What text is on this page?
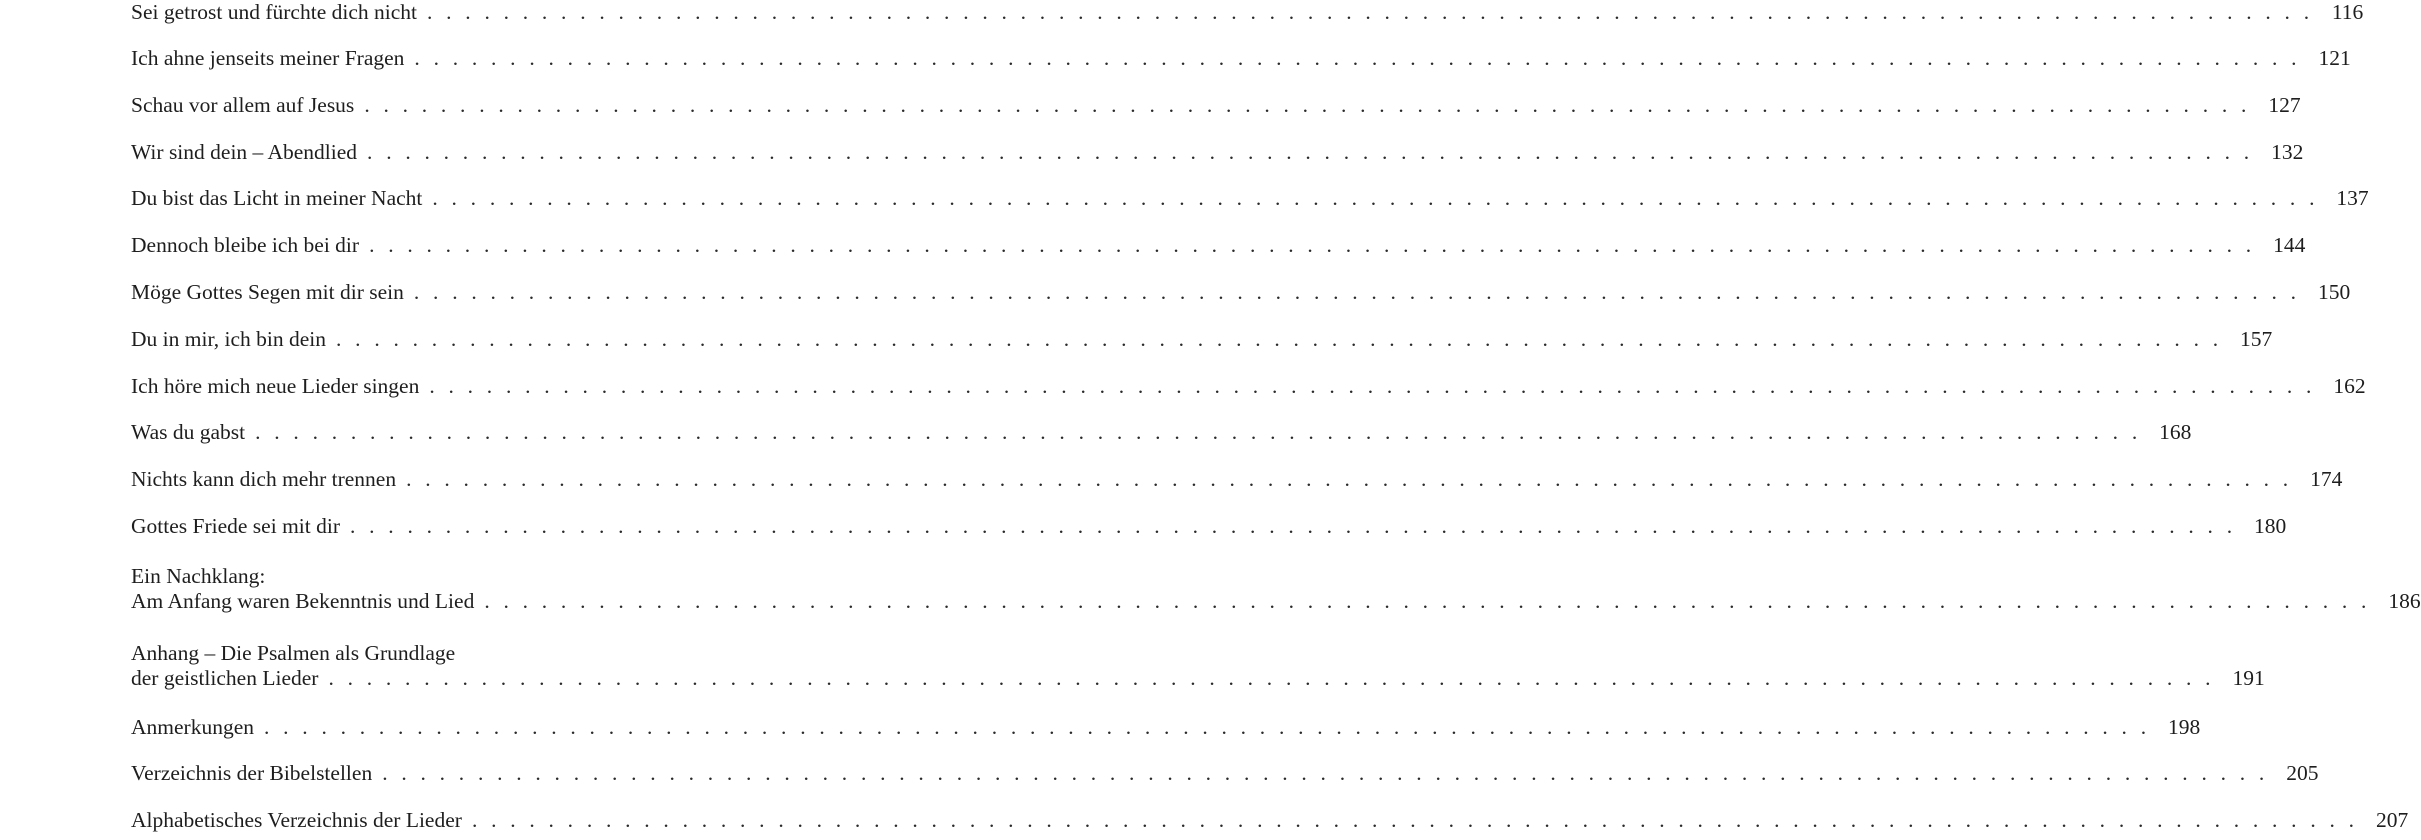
Sei getrost und fürchte dich nicht . . . . . . . . . . . . . . . . . . . . . . . . . . . . . . . . . . . . . . . . . . . . . . . . . . . . . . . . . . . . . . . . . . . . . . . . . . . . . . . . . . . . . . . . . . . . . . . . . . . 116
Ich ahne jenseits meiner Fragen . . . . . . . . . . . . . . . . . . . . . . . . . . . . . . . . . . . . . . . . . . . . . . . . . . . . . . . . . . . . . . . . . . . . . . . . . . . . . . . . . . . . . . . . . . . . . . . . . . . 121
Schau vor allem auf Jesus . . . . . . . . . . . . . . . . . . . . . . . . . . . . . . . . . . . . . . . . . . . . . . . . . . . . . . . . . . . . . . . . . . . . . . . . . . . . . . . . . . . . . . . . . . . . . . . . . . . 127
Wir sind dein – Abendlied . . . . . . . . . . . . . . . . . . . . . . . . . . . . . . . . . . . . . . . . . . . . . . . . . . . . . . . . . . . . . . . . . . . . . . . . . . . . . . . . . . . . . . . . . . . . . . . . . . . 132
Du bist das Licht in meiner Nacht . . . . . . . . . . . . . . . . . . . . . . . . . . . . . . . . . . . . . . . . . . . . . . . . . . . . . . . . . . . . . . . . . . . . . . . . . . . . . . . . . . . . . . . . . . . . . . . . . . . 137
Dennoch bleibe ich bei dir . . . . . . . . . . . . . . . . . . . . . . . . . . . . . . . . . . . . . . . . . . . . . . . . . . . . . . . . . . . . . . . . . . . . . . . . . . . . . . . . . . . . . . . . . . . . . . . . . . . 144
Möge Gottes Segen mit dir sein . . . . . . . . . . . . . . . . . . . . . . . . . . . . . . . . . . . . . . . . . . . . . . . . . . . . . . . . . . . . . . . . . . . . . . . . . . . . . . . . . . . . . . . . . . . . . . . . . . . 150
Du in mir, ich bin dein . . . . . . . . . . . . . . . . . . . . . . . . . . . . . . . . . . . . . . . . . . . . . . . . . . . . . . . . . . . . . . . . . . . . . . . . . . . . . . . . . . . . . . . . . . . . . . . . . . . 157
Ich höre mich neue Lieder singen . . . . . . . . . . . . . . . . . . . . . . . . . . . . . . . . . . . . . . . . . . . . . . . . . . . . . . . . . . . . . . . . . . . . . . . . . . . . . . . . . . . . . . . . . . . . . . . . . . . 162
Was du gabst . . . . . . . . . . . . . . . . . . . . . . . . . . . . . . . . . . . . . . . . . . . . . . . . . . . . . . . . . . . . . . . . . . . . . . . . . . . . . . . . . . . . . . . . . . . . . . . . . . . 168
Nichts kann dich mehr trennen . . . . . . . . . . . . . . . . . . . . . . . . . . . . . . . . . . . . . . . . . . . . . . . . . . . . . . . . . . . . . . . . . . . . . . . . . . . . . . . . . . . . . . . . . . . . . . . . . . . 174
Gottes Friede sei mit dir . . . . . . . . . . . . . . . . . . . . . . . . . . . . . . . . . . . . . . . . . . . . . . . . . . . . . . . . . . . . . . . . . . . . . . . . . . . . . . . . . . . . . . . . . . . . . . . . . . . 180
Ein Nachklang:
Am Anfang waren Bekenntnis und Lied . . . . . . . . . . . . . . . . . . . . . . . . . . . . . . . . . . . . . . . . . . . . . . . . . . . . . . . . . . . . . . . . . . . . . . . . . . . . . . . . . . . . . . . . . . . . . . . . . . . 186
Anhang – Die Psalmen als Grundlage
der geistlichen Lieder . . . . . . . . . . . . . . . . . . . . . . . . . . . . . . . . . . . . . . . . . . . . . . . . . . . . . . . . . . . . . . . . . . . . . . . . . . . . . . . . . . . . . . . . . . . . . . . . . . . 191
Anmerkungen . . . . . . . . . . . . . . . . . . . . . . . . . . . . . . . . . . . . . . . . . . . . . . . . . . . . . . . . . . . . . . . . . . . . . . . . . . . . . . . . . . . . . . . . . . . . . . . . . . . 198
Verzeichnis der Bibelstellen . . . . . . . . . . . . . . . . . . . . . . . . . . . . . . . . . . . . . . . . . . . . . . . . . . . . . . . . . . . . . . . . . . . . . . . . . . . . . . . . . . . . . . . . . . . . . . . . . . . 205
Alphabetisches Verzeichnis der Lieder . . . . . . . . . . . . . . . . . . . . . . . . . . . . . . . . . . . . . . . . . . . . . . . . . . . . . . . . . . . . . . . . . . . . . . . . . . . . . . . . . . . . . . . . . . . . . . . . . . . 207
